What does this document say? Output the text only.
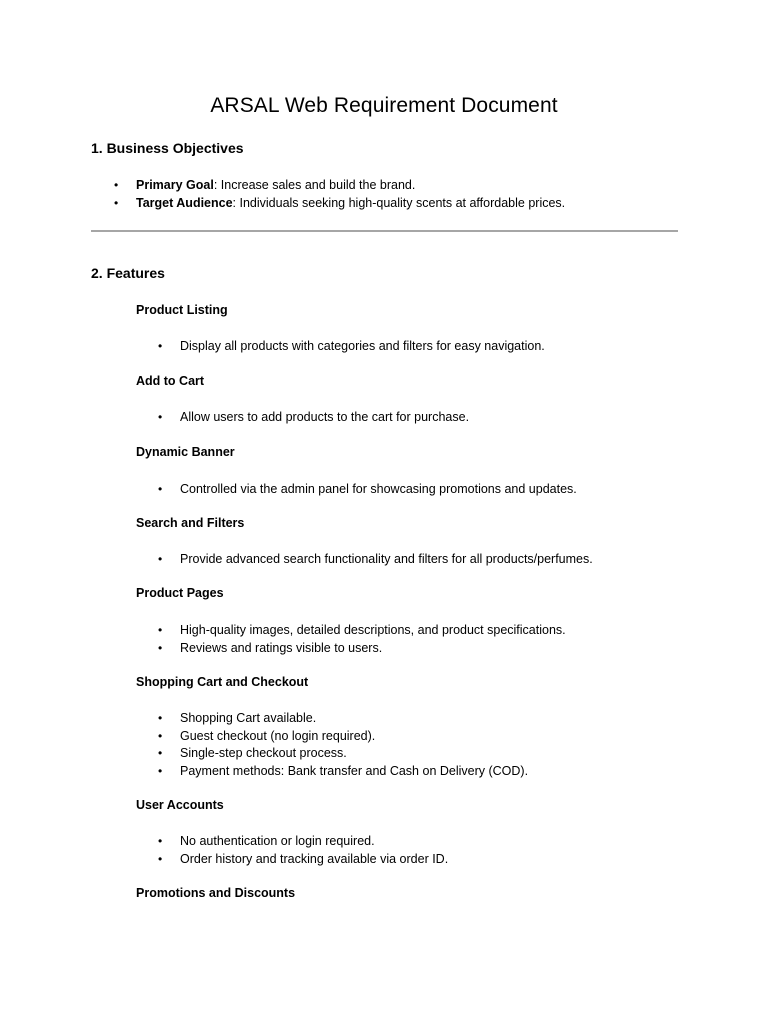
ARSAL Web Requirement Document
1. Business Objectives
• Primary Goal: Increase sales and build the brand.
• Target Audience: Individuals seeking high-quality scents at affordable prices.
2. Features
Product Listing
• Display all products with categories and filters for easy navigation.
Add to Cart
• Allow users to add products to the cart for purchase.
Dynamic Banner
• Controlled via the admin panel for showcasing promotions and updates.
Search and Filters
• Provide advanced search functionality and filters for all products/perfumes.
Product Pages
• High-quality images, detailed descriptions, and product specifications.
• Reviews and ratings visible to users.
Shopping Cart and Checkout
• Shopping Cart available.
• Guest checkout (no login required).
• Single-step checkout process.
• Payment methods: Bank transfer and Cash on Delivery (COD).
User Accounts
• No authentication or login required.
• Order history and tracking available via order ID.
Promotions and Discounts
